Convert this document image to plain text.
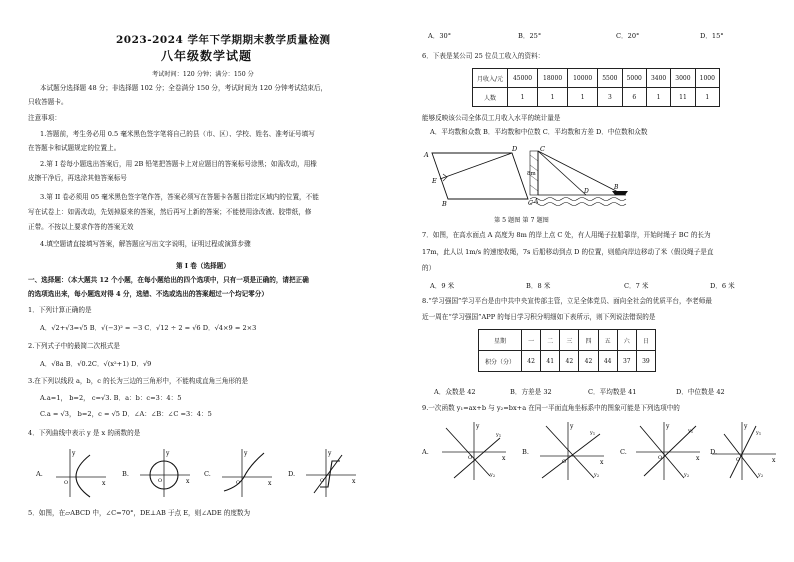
2023-2024 学年下学期期末教学质量检测
八年级数学试题
考试时间：120 分钟；满分：150 分
本试题分选择题 48 分；非选择题 102 分；全卷满分 150 分，考试时间为 120 分钟考试结束后，
只收答题卡。
注意事项：
1.答题前，考生务必用 0.5 毫米黑色签字笔将自己的县（市、区）、学校、姓名、准考证号填写
在答题卡和试题规定的位置上。
2.第 I 卷每小题选出答案后，用 2B 铅笔把答题卡上对应题目的答案标号涂黑；如需改动，用橡
皮擦干净后，再选涂其他答案标号
3.第 II 卷必须用 05 毫米黑色签字笔作答，答案必须写在答题卡各题目指定区域内的位置，不能
写在试卷上：如需改动，先划掉原来的答案，然后再写上新的答案；不能使用涂改液、胶带纸，修
正带。不按以上要求作答的答案无效
4.填空题请直接填写答案，解答题应写出文字说明，证明过程或演算步骤
第 I 卷（选择题）
一、选择题：（本大题共 12 个小题，在每小题给出的四个选项中，只有一项是正确的，请把正确
的选项选出来，每小题选对得 4 分，选错、不选或选出的答案超过一个均记零分）
1．下列计算正确的是
A．√2+√3=√5 B．√(−3)² = −3 C．√12 ÷ 2 = √6 D．√4×9 = 2×3
2.下列式子中的最简二次根式是
A．√8a B．√0.2C．√(x²+1) D．√9
3.在下列以线段 a，b，c 的长为三边的三角形中，不能构成直角三角形的是
A.a=1， b=2， c=√3. B．a：b：c=3：4：5
C.a = √3， b=2，c = √5 D．∠A：∠B：∠C =3：4：5
4．下列曲线中表示 y 是 x 的函数的是
A.
y
x
O
B.
y
x
O
C.
y
x
O
D.
y
x
O
5．如图，在▱ABCD 中，∠C=70°，DE⊥AB 于点 E，则∠ADE 的度数为
A．30°	B．25°	C．20°	D．15°
6．下表是某公司 25 位员工收入的资料：
月收入/元	45000	18000	10000	5500	5000	3400	3000	1000
人数	1	1	1	3	6	1	11	1
能够反映该公司全体员工月收入水平的统计量是
A．平均数和众数 B．平均数和中位数 C．平均数和方差 D．中位数和众数
A
D
C
B
E
C
8m
A
D
B
第 5 题图 第 7 题图
7．如图，在高水面点 A 高度为 8m 的岸上点 C 处，有人用绳子拉船靠岸，开始时绳子 BC 的长为
17m，此人以 1m/s 的速度收绳，7s 后船移动到点 D 的位置，则船向岸边移动了米（假设绳子是直
的）
A．9 米	B．8 米	C．7 米	D．6 米
8.“学习强国”学习平台是由中共中央宣传部主管，立足全体党员、面向全社会的优质平台，李老师最
近一周在“学习强国”APP 的每日学习积分明细如下表所示，则下列说法错误的是
星期	一	二	三	四	五	六	日
积分（分）	42	41	42	42	44	37	39
A．众数是 42	B．方差是 32	C．平均数是 41	D．中位数是 42
9.一次函数 y₁=ax+b 与 y₂=bx+a 在同一平面直角坐标系中的图象可能是下列选项中的
A.
y
x
O
$y_1$
$y_2$
B.
y
x
O
$y_1$
$y_2$
C.
y
x
O
$y_1$
$y_2$
D.
y
x
O
$y_1$
$y_2$
